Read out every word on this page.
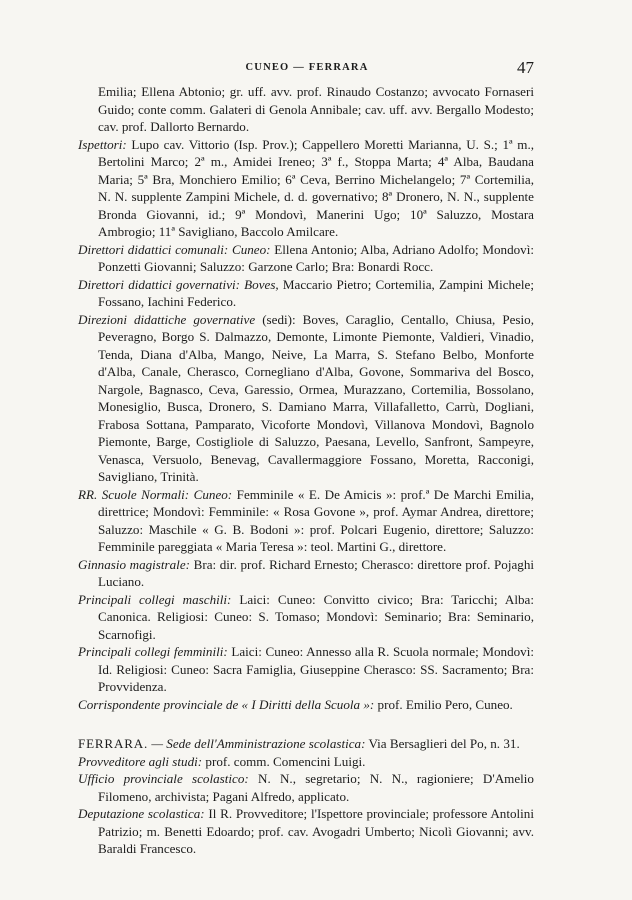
CUNEO — FERRARA	47

Emilia; Ellena Abtonio; gr. uff. avv. prof. Rinaudo Costanzo; avvocato Fornaseri Guido; conte comm. Galateri di Genola Annibale; cav. uff. avv. Bergallo Modesto; cav. prof. Dallorto Bernardo.

Ispettori: Lupo cav. Vittorio (Isp. Prov.); Cappellero Moretti Marianna, U. S.; 1ª m., Bertolini Marco; 2ª m., Amidei Ireneo; 3ª f., Stoppa Marta; 4ª Alba, Baudana Maria; 5ª Bra, Monchiero Emilio; 6ª Ceva, Berrino Michelangelo; 7ª Cortemilia, N. N. supplente Zampini Michele, d. d. governativo; 8ª Dronero, N. N., supplente Bronda Giovanni, id.; 9ª Mondovì, Manerini Ugo; 10ª Saluzzo, Mostara Ambrogio; 11ª Savigliano, Baccolo Amilcare.

Direttori didattici comunali: Cuneo: Ellena Antonio; Alba, Adriano Adolfo; Mondovì: Ponzetti Giovanni; Saluzzo: Garzone Carlo; Bra: Bonardi Rocc.

Direttori didattici governativi: Boves, Maccario Pietro; Cortemilia, Zampini Michele; Fossano, Iachini Federico.

Direzioni didattiche governative (sedi): Boves, Caraglio, Centallo, Chiusa, Pesio, Peveragno, Borgo S. Dalmazzo, Demonte, Limonte Piemonte, Valdieri, Vinadio, Tenda, Diana d'Alba, Mango, Neive, La Marra, S. Stefano Belbo, Monforte d'Alba, Canale, Cherasco, Cornegliano d'Alba, Govone, Sommariva del Bosco, Nargole, Bagnasco, Ceva, Garessio, Ormea, Murazzano, Cortemilia, Bossolano, Monesiglio, Busca, Dronero, S. Damiano Marra, Villafalletto, Carrù, Dogliani, Frabosa Sottana, Pamparato, Vicoforte Mondovì, Villanova Mondovì, Bagnolo Piemonte, Barge, Costigliole di Saluzzo, Paesana, Levello, Sanfront, Sampeyre, Venasca, Versuolo, Benevag, Cavallermaggiore Fossano, Moretta, Racconigi, Savigliano, Trinità.

RR. Scuole Normali: Cuneo: Femminile « E. De Amicis »: prof.ª De Marchi Emilia, direttrice; Mondovì: Femminile: « Rosa Govone », prof. Aymar Andrea, direttore; Saluzzo: Maschile « G. B. Bodoni »: prof. Polcari Eugenio, direttore; Saluzzo: Femminile pareggiata « Maria Teresa »: teol. Martini G., direttore.

Ginnasio magistrale: Bra: dir. prof. Richard Ernesto; Cherasco: direttore prof. Pojaghi Luciano.

Principali collegi maschili: Laici: Cuneo: Convitto civico; Bra: Taricchi; Alba: Canonica. Religiosi: Cuneo: S. Tomaso; Mondovì: Seminario; Bra: Seminario, Scarnofigi.

Principali collegi femminili: Laici: Cuneo: Annesso alla R. Scuola normale; Mondovì: Id. Religiosi: Cuneo: Sacra Famiglia, Giuseppine Cherasco: SS. Sacramento; Bra: Provvidenza.

Corrispondente provinciale de « I Diritti della Scuola »: prof. Emilio Pero, Cuneo.

FERRARA. — Sede dell'Amministrazione scolastica: Via Bersaglieri del Po, n. 31.

Provveditore agli studi: prof. comm. Comencini Luigi.

Ufficio provinciale scolastico: N. N., segretario; N. N., ragioniere; D'Amelio Filomeno, archivista; Pagani Alfredo, applicato.

Deputazione scolastica: Il R. Provveditore; l'Ispettore provinciale; professore Antolini Patrizio; m. Benetti Edoardo; prof. cav. Avogadri Umberto; Nicolì Giovanni; avv. Baraldi Francesco.
